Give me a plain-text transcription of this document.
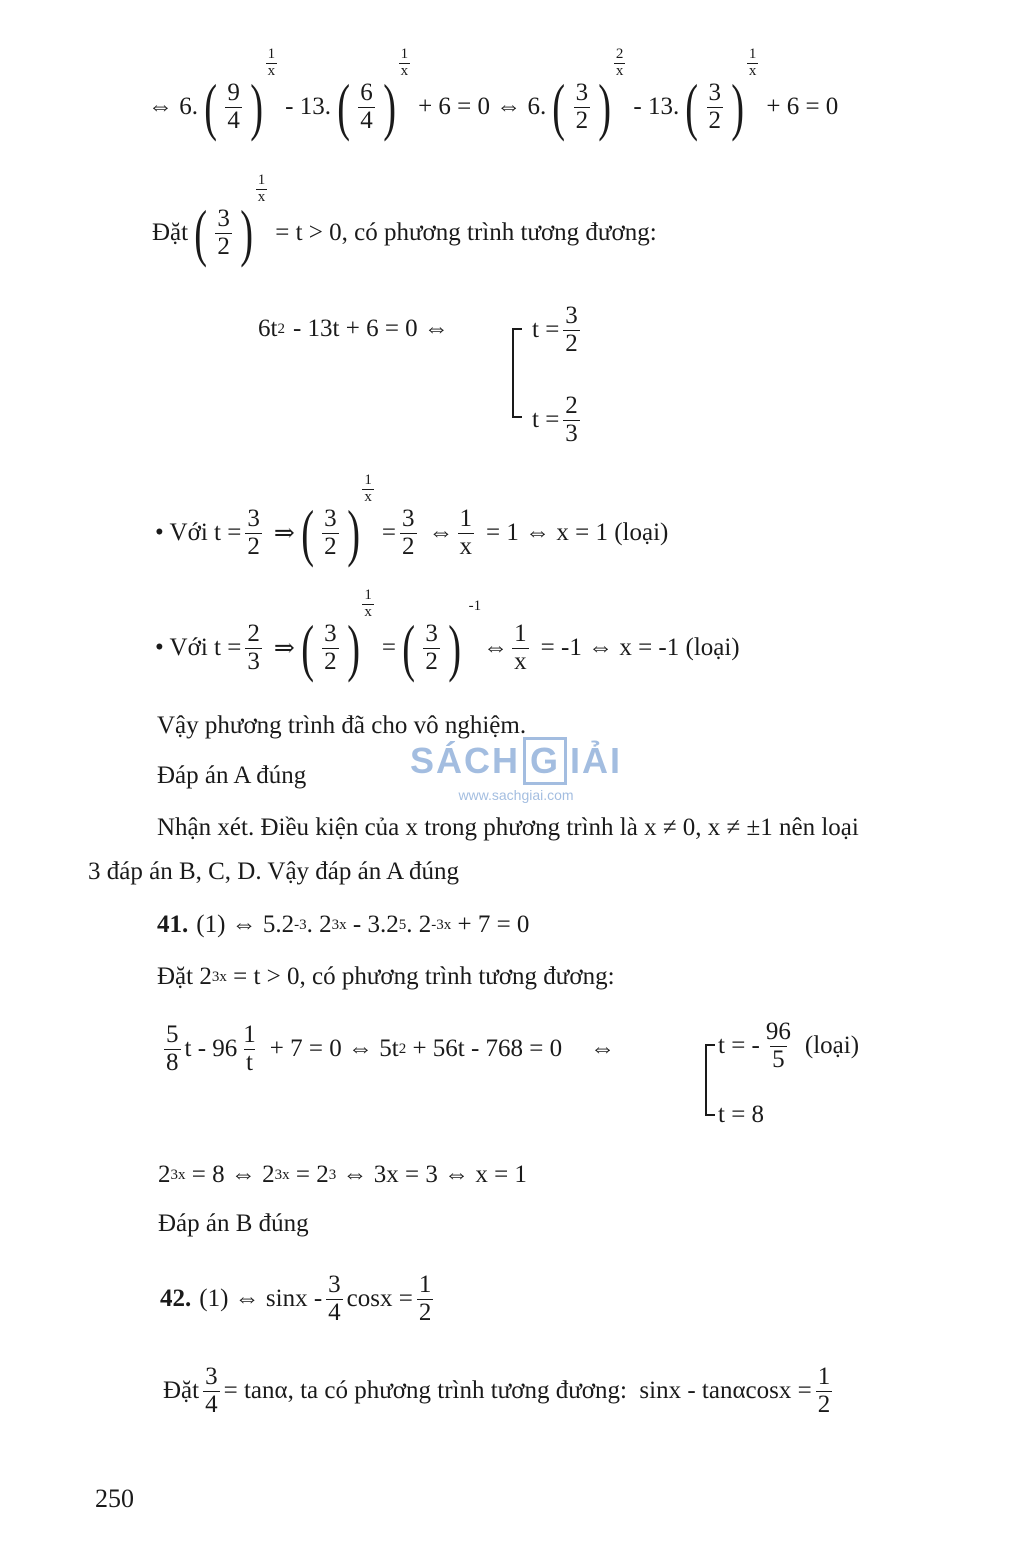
⇔ 6. ( $\frac{9}{4}$ )
$\frac{1}{x}$
- 13. ( $\frac{6}{4}$ )
$\frac{1}{x}$
+ 6 = 0 ⇔ 6. ( $\frac{3}{2}$ )
$\frac{2}{x}$
- 13. ( $\frac{3}{2}$ )
$\frac{1}{x}$
+ 6 = 0
Đặt ( $\frac{3}{2}$ )
$\frac{1}{x}$
= t > 0, có phương trình tương đương:
6t 2 - 13t + 6 = 0 ⇔	$t = \frac{3}{2}$
$t = \frac{2}{3}$
• Với $t = \frac{3}{2}$ ⇒ ( $\frac{3}{2}$ )
$\frac{1}{x}$
= $\frac{3}{2}$ ⇔ $\frac{1}{x} = 1$ ⇔ x = 1 (loại)
• Với $t = \frac{2}{3}$ ⇒ ( $\frac{3}{2}$ )
$\frac{1}{x}$
= ( $\frac{3}{2}$ )
-1
⇔ $\frac{1}{x} = -1$ ⇔ x = -1 (loại)
Vậy phương trình đã cho vô nghiệm.
Đáp án A đúng
Nhận xét. Điều kiện của x trong phương trình là x ≠ 0, x ≠ ±1 nên loại
3 đáp án B, C, D. Vậy đáp án A đúng
41. (1) ⇔ 5.2 -3 . 2 3x - 3.2 5 . 2 -3x + 7 = 0
Đặt 2 3x = t > 0, có phương trình tương đương:
$\frac{5}{8}$ $t - 96 \frac{1}{t} + 7 = 0$ ⇔ 5t 2 + 56t - 768 = 0 ⇔	t = - $\frac{96}{5}$ (loại)
t = 8
2 3x = 8 ⇔ 2 3x = 2 3 ⇔ 3x = 3 ⇔ x = 1
Đáp án B đúng
42. (1) ⇔ sinx - $\frac{3}{4}$ $\cos x = \frac{1}{2}$
Đặt $\frac{3}{4} = \tan\alpha$, ta có phương trình tương đương:  $\sin x - \tan\alpha\cos x = \frac{1}{2}$
SÁCH G IẢI
www.sachgiai.com
250
